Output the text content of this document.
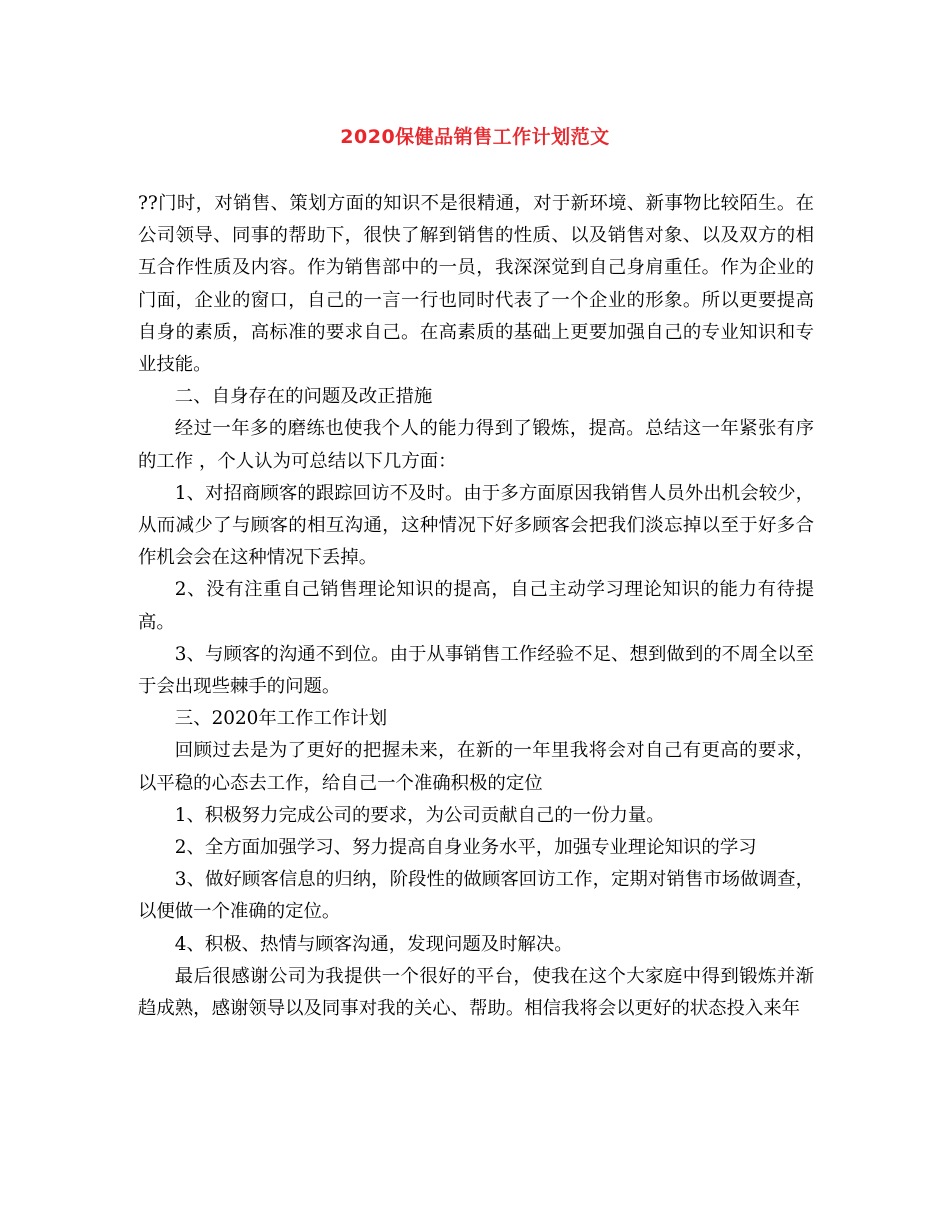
2020保健品销售工作计划范文

??门时，对销售、策划方面的知识不是很精通，对于新环境、新事物比较陌生。在公司领导、同事的帮助下，很快了解到销售的性质、以及销售对象、以及双方的相互合作性质及内容。作为销售部中的一员，我深深觉到自己身肩重任。作为企业的门面，企业的窗口，自己的一言一行也同时代表了一个企业的形象。所以更要提高自身的素质，高标准的要求自己。在高素质的基础上更要加强自己的专业知识和专业技能。

二、自身存在的问题及改正措施

经过一年多的磨练也使我个人的能力得到了锻炼，提高。总结这一年紧张有序的工作 ，个人认为可总结以下几方面：

1、对招商顾客的跟踪回访不及时。由于多方面原因我销售人员外出机会较少，从而减少了与顾客的相互沟通，这种情况下好多顾客会把我们淡忘掉以至于好多合作机会会在这种情况下丢掉。

2、没有注重自己销售理论知识的提高，自己主动学习理论知识的能力有待提高。

3、与顾客的沟通不到位。由于从事销售工作经验不足、想到做到的不周全以至于会出现些棘手的问题。

三、2020年工作工作计划

回顾过去是为了更好的把握未来，在新的一年里我将会对自己有更高的要求，以平稳的心态去工作，给自己一个准确积极的定位

1、积极努力完成公司的要求，为公司贡献自己的一份力量。

2、全方面加强学习、努力提高自身业务水平，加强专业理论知识的学习

3、做好顾客信息的归纳，阶段性的做顾客回访工作，定期对销售市场做调查，以便做一个准确的定位。

4、积极、热情与顾客沟通，发现问题及时解决。

最后很感谢公司为我提供一个很好的平台，使我在这个大家庭中得到锻炼并渐趋成熟，感谢领导以及同事对我的关心、帮助。相信我将会以更好的状态投入来年
